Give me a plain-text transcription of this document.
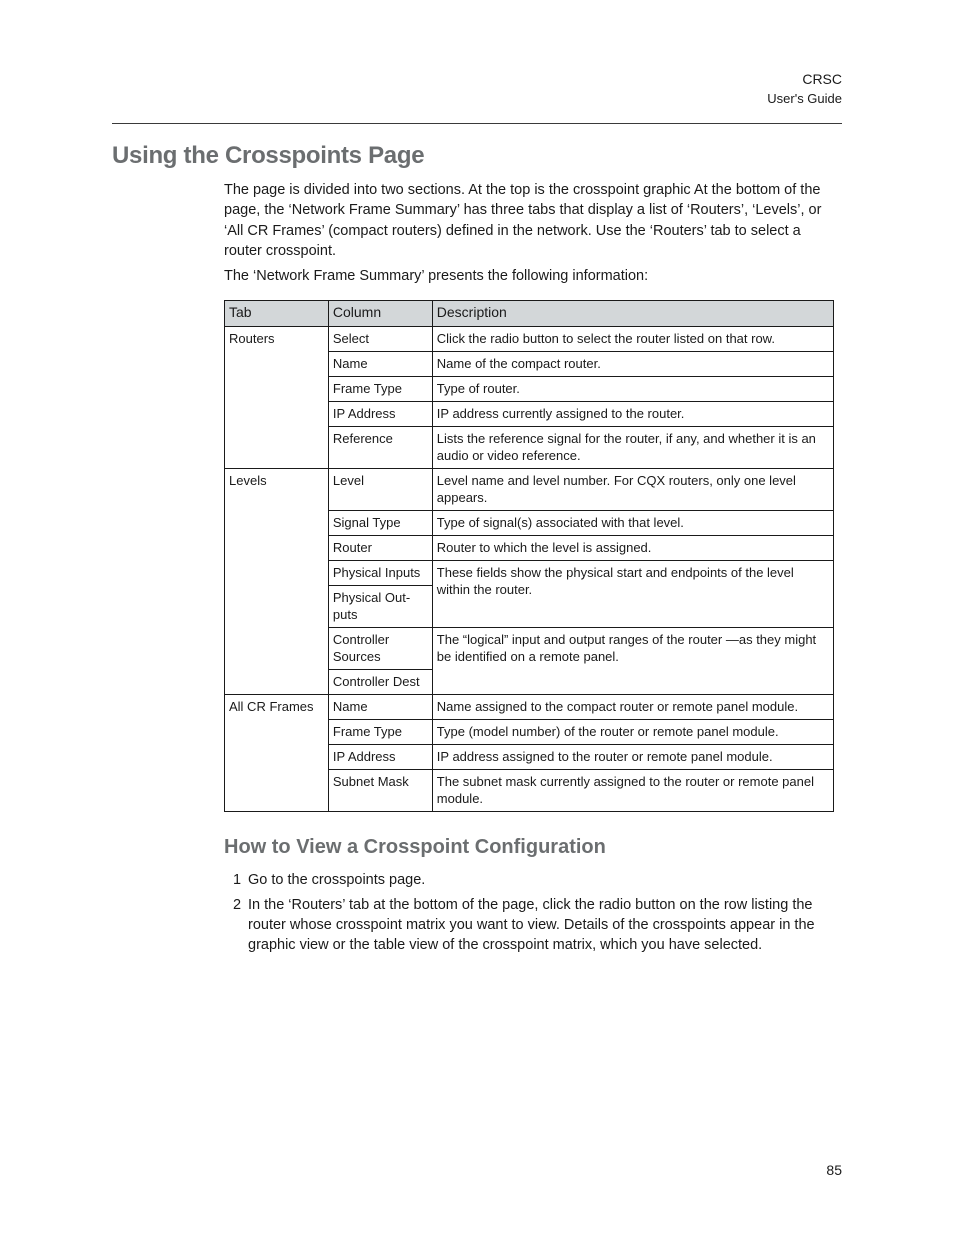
CRSC
User's Guide
Using the Crosspoints Page

The page is divided into two sections. At the top is the crosspoint graphic At the bottom of the page, the ‘Network Frame Summary’ has three tabs that display a list of ‘Routers’, ‘Levels’, or ‘All CR Frames’ (compact routers) defined in the network. Use the ‘Routers’ tab to select a router crosspoint.

The ‘Network Frame Summary’ presents the following information:

Tab	Column	Description
Routers	Select	Click the radio button to select the router listed on that row.
	Name	Name of the compact router.
	Frame Type	Type of router.
	IP Address	IP address currently assigned to the router.
	Reference	Lists the reference signal for the router, if any, and whether it is an audio or video reference.
Levels	Level	Level name and level number. For CQX routers, only one level appears.
	Signal Type	Type of signal(s) associated with that level.
	Router	Router to which the level is assigned.
	Physical Inputs	These fields show the physical start and endpoints of the level within the router.
	Physical Out-puts	
	Controller Sources	The “logical” input and output ranges of the router —as they might be identified on a remote panel.
	Controller Dest	
All CR Frames	Name	Name assigned to the compact router or remote panel module.
	Frame Type	Type (model number) of the router or remote panel module.
	IP Address	IP address assigned to the router or remote panel module.
	Subnet Mask	The subnet mask currently assigned to the router or remote panel module.
How to View a Crosspoint Configuration
1 Go to the crosspoints page.
2 In the ‘Routers’ tab at the bottom of the page, click the radio button on the row listing the router whose crosspoint matrix you want to view. Details of the crosspoints appear in the graphic view or the table view of the crosspoint matrix, which you have selected.
85
